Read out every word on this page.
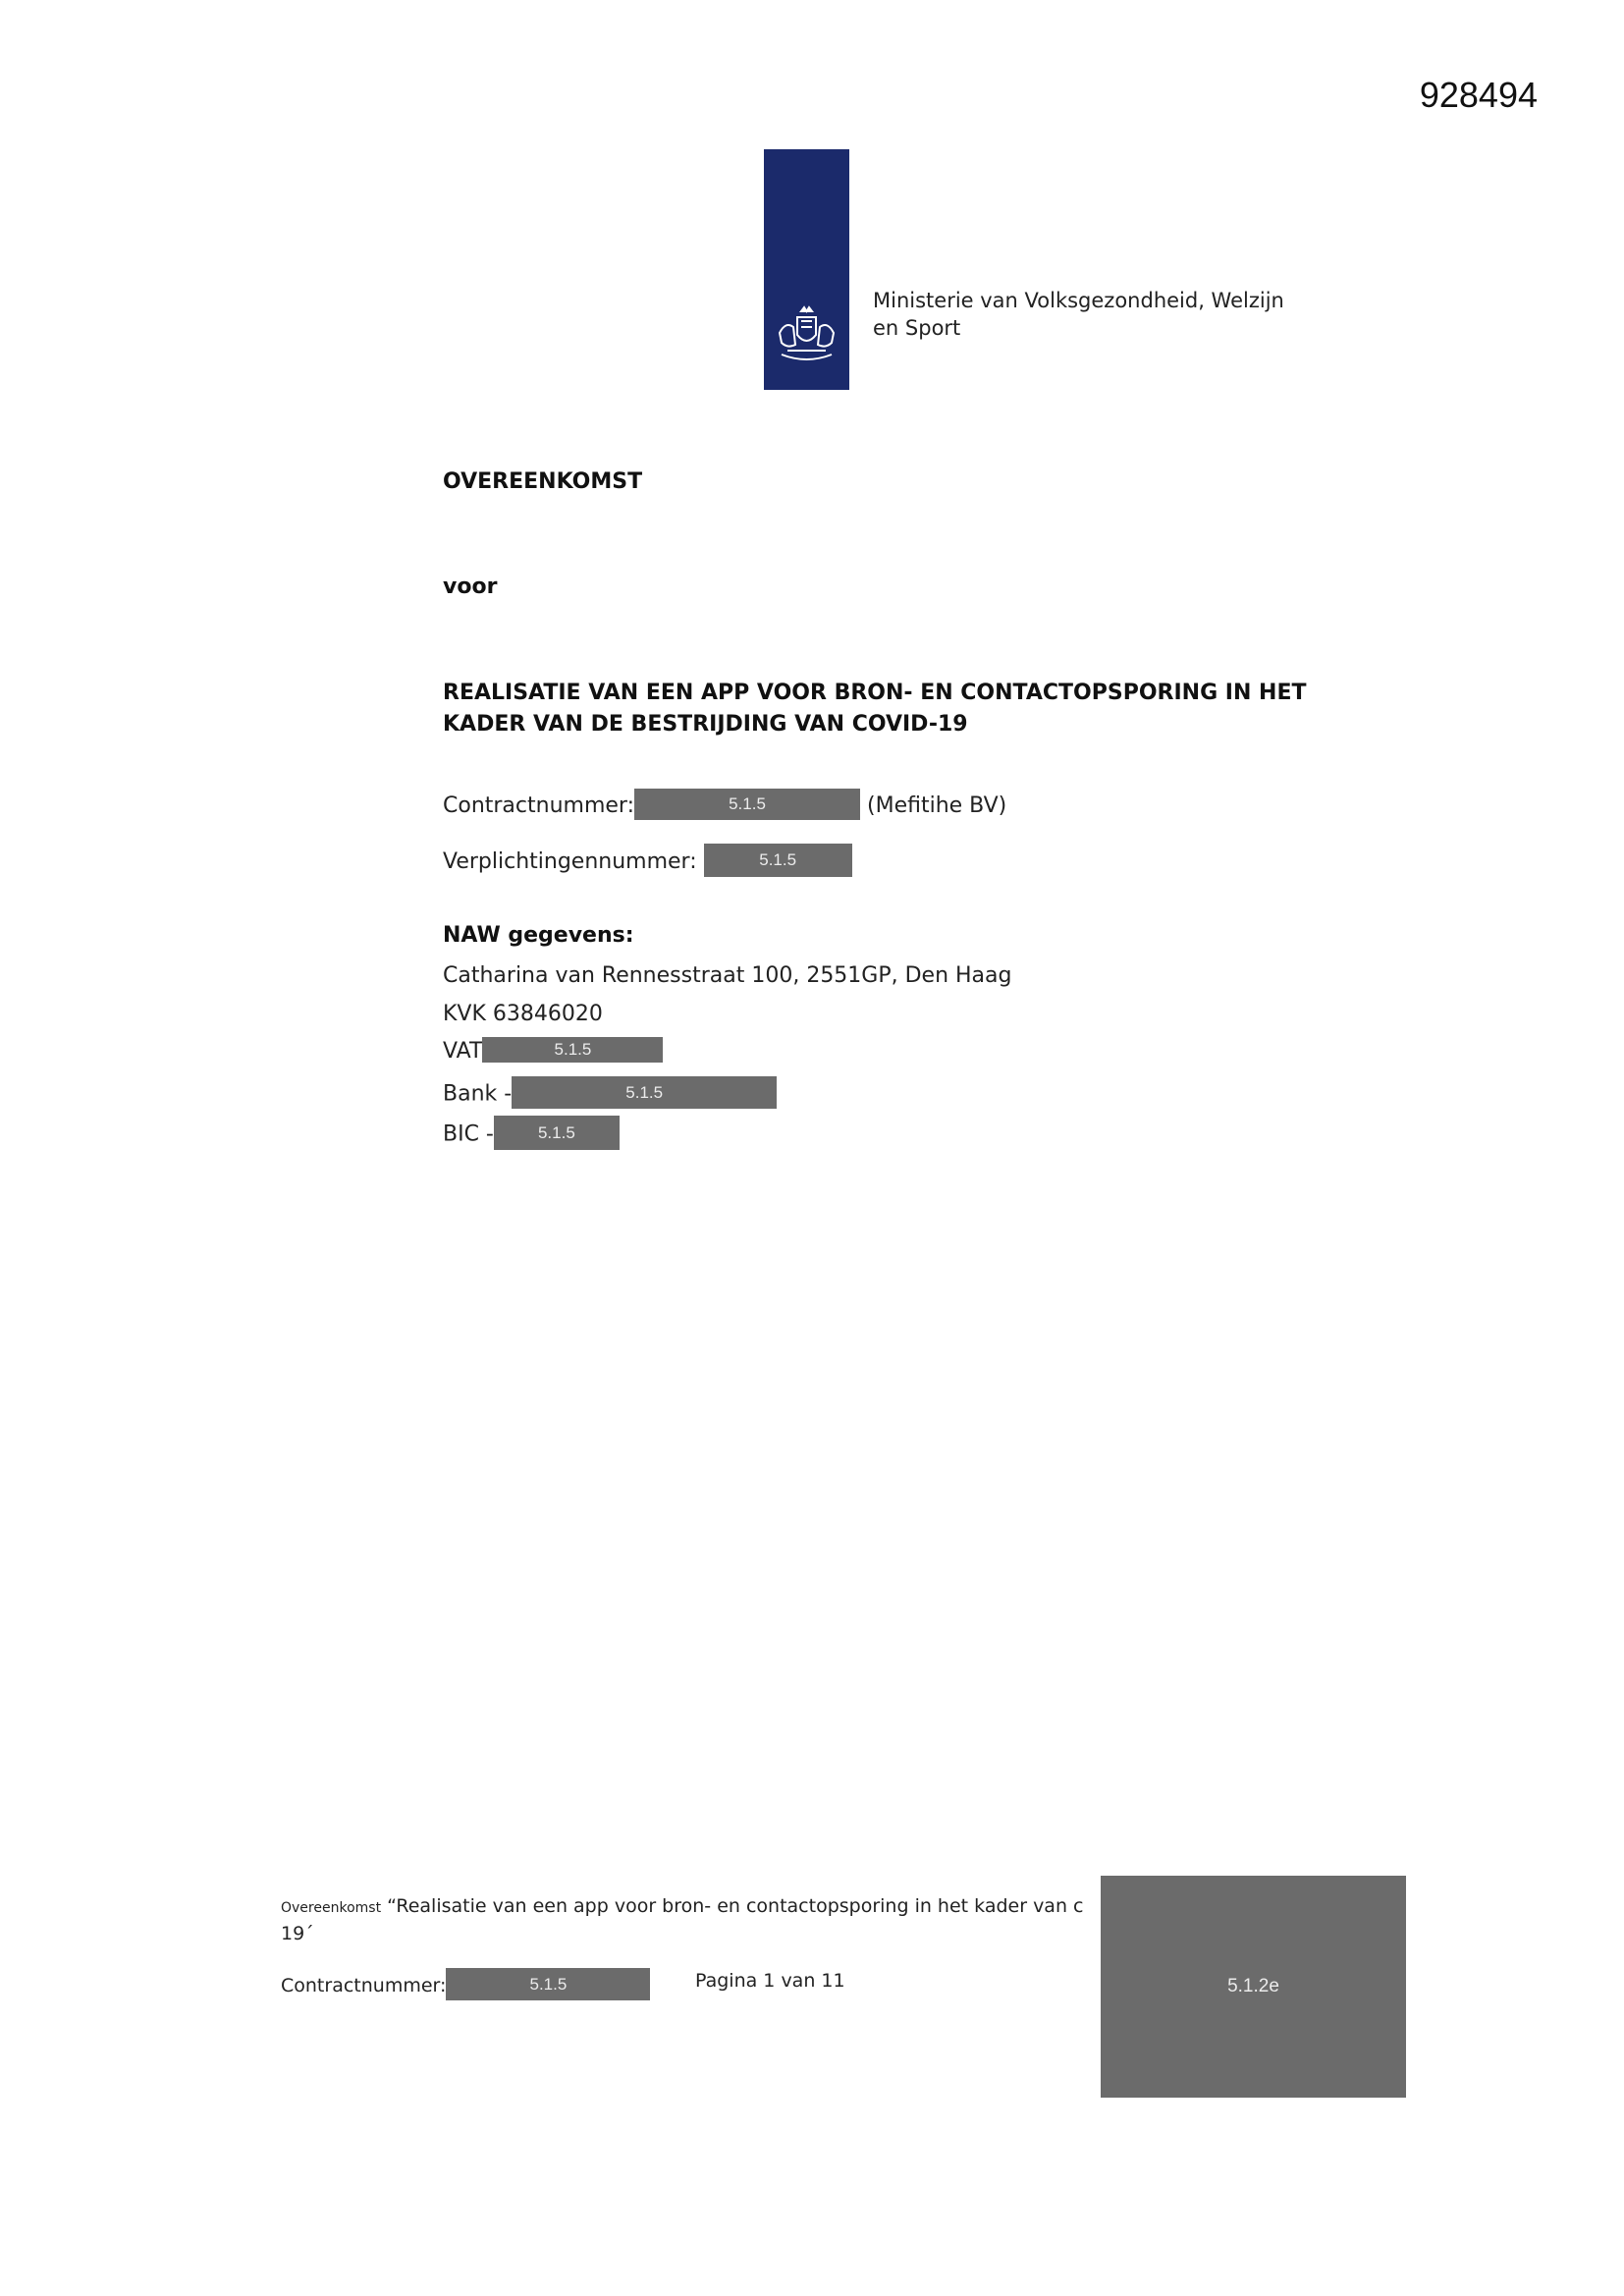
928494
Ministerie van Volksgezondheid, Welzijn
en Sport
OVEREENKOMST
voor
REALISATIE VAN EEN APP VOOR BRON- EN CONTACTOPSPORING IN HET
KADER VAN DE BESTRIJDING VAN COVID-19
Contractnummer:	5.1.5	(Mefitihe BV)
Verplichtingennummer:	5.1.5
NAW gegevens:
Catharina van Rennesstraat 100, 2551GP, Den Haag
KVK 63846020
VAT	5.1.5
Bank -	5.1.5
BIC -	5.1.5
Overeenkomst “Realisatie van een app voor bron- en contactopsporing in het kader van c
19´
Contractnummer:	5.1.5	Pagina 1 van 11	5.1.2e
